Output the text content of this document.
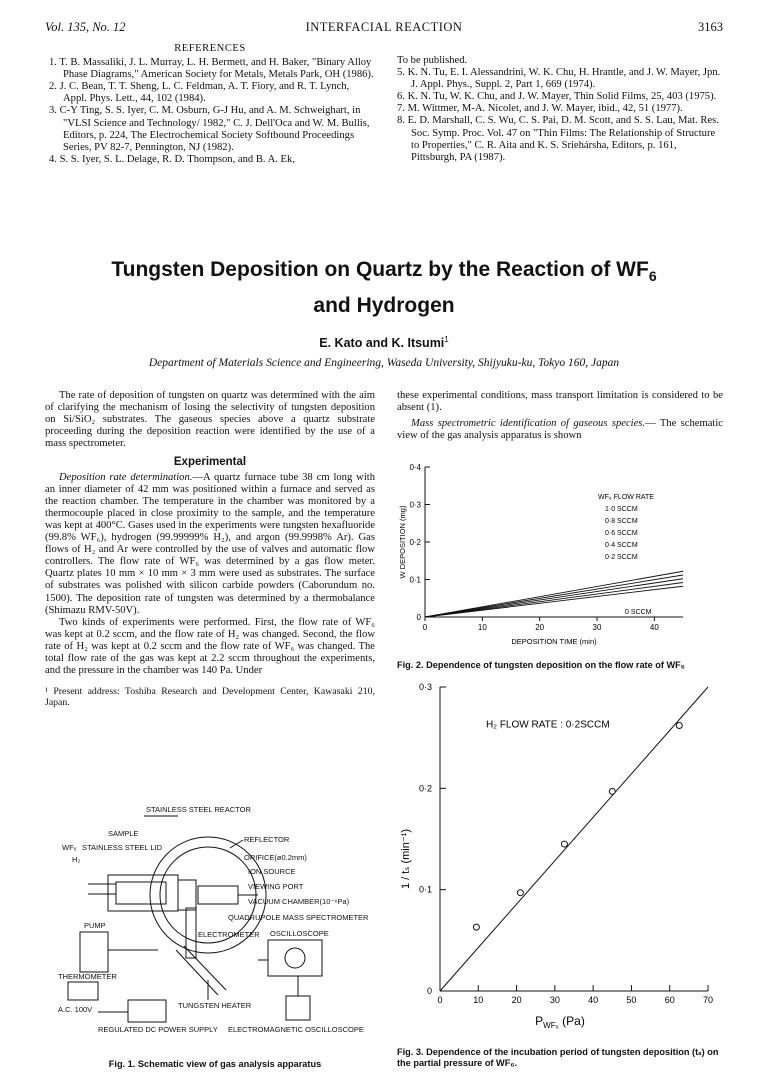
Vol. 135, No. 12	INTERFACIAL REACTION	3163
REFERENCES
1. T. B. Massaliki, J. L. Murray, L. H. Bermett, and H. Baker, "Binary Alloy Phase Diagrams," American Society for Metals, Metals Park, OH (1986).
2. J. C. Bean, T. T. Sheng, L. C. Feldman, A. T. Fiory, and R. T. Lynch, Appl. Phys. Lett., 44, 102 (1984).
3. C-Y Ting, S. S. Iyer, C. M. Osburn, G-J Hu, and A. M. Schweighart, in "VLSI Science and Technology/ 1982," C. J. Dell'Oca and W. M. Bullis, Editors, p. 224, The Electrochemical Society Softbound Proceedings Series, PV 82-7, Pennington, NJ (1982).
4. S. S. Iyer, S. L. Delage, R. D. Thompson, and B. A. Ek,
To be published.
5. K. N. Tu, E. I. Alessandrini, W. K. Chu, H. Hrantle, and J. W. Mayer, Jpn. J. Appl. Phys., Suppl. 2, Part 1, 669 (1974).
6. K. N. Tu, W. K. Chu, and J. W. Mayer, Thin Solid Films, 25, 403 (1975).
7. M. Wittmer, M-A. Nicolet, and J. W. Mayer, ibid., 42, 51 (1977).
8. E. D. Marshall, C. S. Wu, C. S. Pai, D. M. Scott, and S. S. Lau, Mat. Res. Soc. Symp. Proc. Vol. 47 on "Thin Films: The Relationship of Structure to Properties," C. R. Aita and K. S. Sriehársha, Editors, p. 161, Pittsburgh, PA (1987).
Tungsten Deposition on Quartz by the Reaction of $WF_6$
and Hydrogen
E. Kato and K. Itsumi$^1$
Department of Materials Science and Engineering, Waseda University, Shijyuku-ku, Tokyo 160, Japan

The rate of deposition of tungsten on quartz was determined with the aim of clarifying the mechanism of losing the selectivity of tungsten deposition on Si/SiO₂ substrates. The gaseous species above a quartz substrate proceeding during the deposition reaction were identified by the use of a mass spectrometer.

Experimental

Deposition rate determination.—A quartz furnace tube 38 cm long with an inner diameter of 42 mm was positioned within a furnace and served as the reaction chamber. The temperature in the chamber was monitored by a thermocouple placed in close proximity to the sample, and the temperature was kept at 400°C. Gases used in the experiments were tungsten hexafluoride (99.8% WF₆), hydrogen (99.99999% H₂), and argon (99.9998% Ar). Gas flows of H₂ and Ar were controlled by the use of valves and automatic flow controllers. The flow rate of WF₆ was determined by a gas flow meter. Quartz plates 10 mm × 10 mm × 3 mm were used as substrates. The surface of substrates was polished with silicon carbide powders (Caborundum no. 1500). The deposition rate of tungsten was determined by a thermobalance (Shimazu RMV-50V).

Two kinds of experiments were performed. First, the flow rate of WF₆ was kept at 0.2 sccm, and the flow rate of H₂ was changed. Second, the flow rate of H₂ was kept at 0.2 sccm and the flow rate of WF₆ was changed. The total flow rate of the gas was kept at 2.2 sccm throughout the experiments, and the pressure in the chamber was 140 Pa. Under

¹ Present address: Toshiba Research and Development Center, Kawasaki 210, Japan.

these experimental conditions, mass transport limitation is considered to be absent (1).

Mass spectrometric identification of gaseous species.— The schematic view of the gas analysis apparatus is shown

STAINLESS STEEL REACTOR
SAMPLE
WF₆
H₂
STAINLESS STEEL LID
REFLECTOR
ORIFICE(ø0.2mm)
ION SOURCE
VIEWING PORT
VACUUM CHAMBER(10⁻⁶Pa)
PUMP
QUADRUPOLE MASS SPECTROMETER
THERMOMETER
ELECTROMETER
A.C. 100V	TUNGSTEN HEATER
REGULATED DC POWER SUPPLY
OSCILLOSCOPE
ELECTROMAGNETIC OSCILLOSCOPE
Fig. 1. Schematic view of gas analysis apparatus
0	10	20	30	40
0
0·1
0·2
0·3
0·4
DEPOSITION TIME (min)
W DEPOSITION (mg)
WF₆ FLOW RATE
1·0 SCCM
0·8 SCCM
0·6 SCCM
0·4 SCCM
0·2 SCCM
0 SCCM
Fig. 2. Dependence of tungsten deposition on the flow rate of WF₆
0	10	20	30	40	50	60	70
0
0·1
0·2
0·3
$P_{WF_6}$ (Pa)
1 / tₛ (min⁻¹)
H₂ FLOW RATE : 0·2SCCM
Fig. 3. Dependence of the incubation period of tungsten deposition (tₛ) on the partial pressure of WF₆.
